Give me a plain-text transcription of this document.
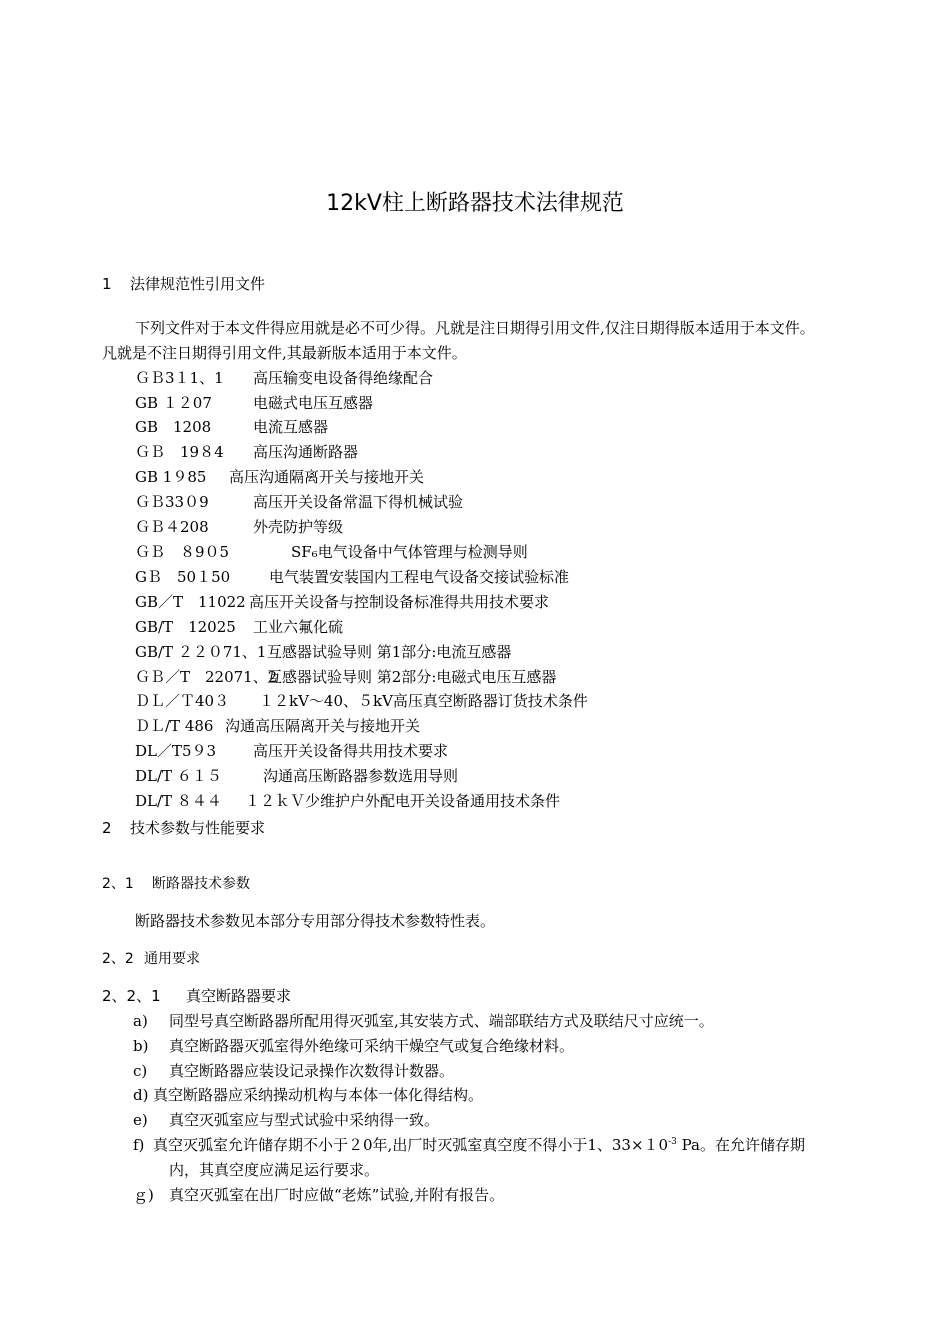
12kV柱上断路器技术法律规范
1 法律规范性引用文件
下列文件对于本文件得应用就是必不可少得。凡就是注日期得引用文件,仅注日期得版本适用于本文件。
凡就是不注日期得引用文件,其最新版本适用于本文件。
ＧＢ3１1、1 高压输变电设备得绝缘配合
GB １２07	电磁式电压互感器
GB　1208	电流互感器
ＧＢ　19８4 高压沟通断路器
GB 1９85 高压沟通隔离开关与接地开关
ＧＢ33０9	高压开关设备常温下得机械试验
ＧＢ４208	外壳防护等级
ＧＢ　８9０5	SF₆电气设备中气体管理与检测导则
GＢ　50１50	电气装置安装国内工程电气设备交接试验标准
GB／T　11022 高压开关设备与控制设备标准得共用技术要求
GB/T　12025 工业六氟化硫
GB/T ２２０71、1互感器试验导则 第1部分:电流互感器
ＧＢ／T　22071、2互感器试验导则 第2部分:电磁式电压互感器
ＤＬ／Ｔ40３ １２kV～40、５kV高压真空断路器订货技术条件
ＤＬ/T 486 沟通高压隔离开关与接地开关
DL／T5９3 高压开关设备得共用技术要求
DL/T ６１５	沟通高压断路器参数选用导则
DL/T ８４４ １２ｋＶ少维护户外配电开关设备通用技术条件
2 技术参数与性能要求
2、1 断路器技术参数
断路器技术参数见本部分专用部分得技术参数特性表。
2、2 通用要求
2、2、1 真空断路器要求
a) 同型号真空断路器所配用得灭弧室,其安装方式、端部联结方式及联结尺寸应统一。
b) 真空断路器灭弧室得外绝缘可采纳干燥空气或复合绝缘材料。
c) 真空断路器应装设记录操作次数得计数器。
d) 真空断路器应采纳操动机构与本体一体化得结构。
e) 真空灭弧室应与型式试验中采纳得一致。
f) 真空灭弧室允许储存期不小于２0年,出厂时灭弧室真空度不得小于1、$33\times 10^{-3}$ Pa。在允许储存期
内，其真空度应满足运行要求。
ｇ) 真空灭弧室在出厂时应做“老炼”试验,并附有报告。
